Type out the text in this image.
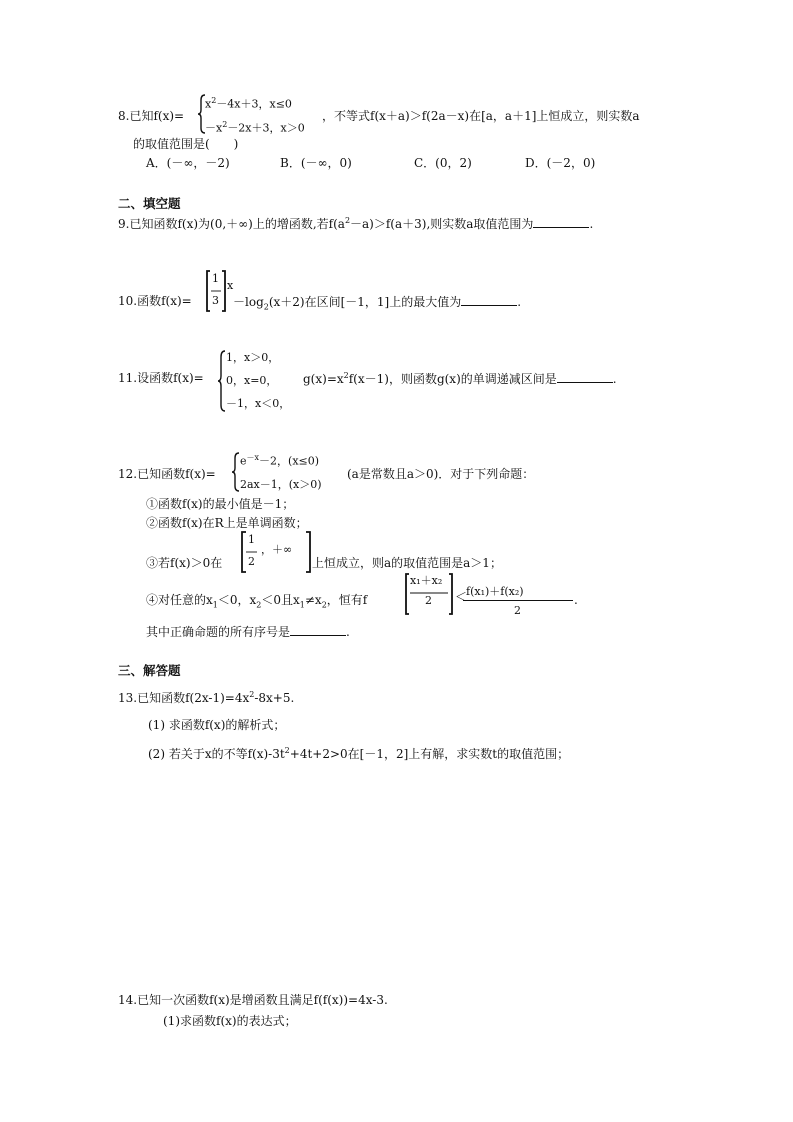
8.已知f(x)=
$x^2-4x+3$，x≤0
$-x^2-2x+3$，x＞0
，不等式f(x＋a)＞f(2a－x)在[a，a＋1]上恒成立，则实数a
的取值范围是(　　)
A．(－∞，－2)	B．(－∞，0)	C．(0，2)	D．(－2，0)
二、填空题
9.已知函数f(x)为(0,＋∞)上的增函数,若$f(a^2-a)>f(a+3)$,则实数a取值范围为	.
10.函数f(x)=
1
3
x
$-\log_2(x+2)$在区间[－1，1]上的最大值为	.
11.设函数f(x)=
1，x＞0，
0，x=0，
－1，x＜0，
$g(x)=x^2f(x-1)$，则函数g(x)的单调递减区间是	.
12.已知函数f(x)=
$e^{-x}-2$，(x≤0)
2ax－1，(x＞0)
(a是常数且a＞0)．对于下列命题：
①函数f(x)的最小值是－1；
②函数f(x)在R上是单调函数；
③若f(x)＞0在
1
2
，＋∞
上恒成立，则a的取值范围是a＞1；
④对任意的$x_1<0$，$x_2<0$且$x_1\ne x_2$，恒有f
x₁＋x₂
2 ＜
f(x₁)＋f(x₂)
2
.
其中正确命题的所有序号是	.
三、解答题
13.已知函数$f(2x-1)=4x^2-8x+5$.
(1) 求函数f(x)的解析式；
(2) 若关于x的不等$f(x)-3t^2+4t+2>0$在[－1，2]上有解，求实数t的取值范围；
14.已知一次函数f(x)是增函数且满足f(f(x))=4x-3.
(1)求函数f(x)的表达式；
